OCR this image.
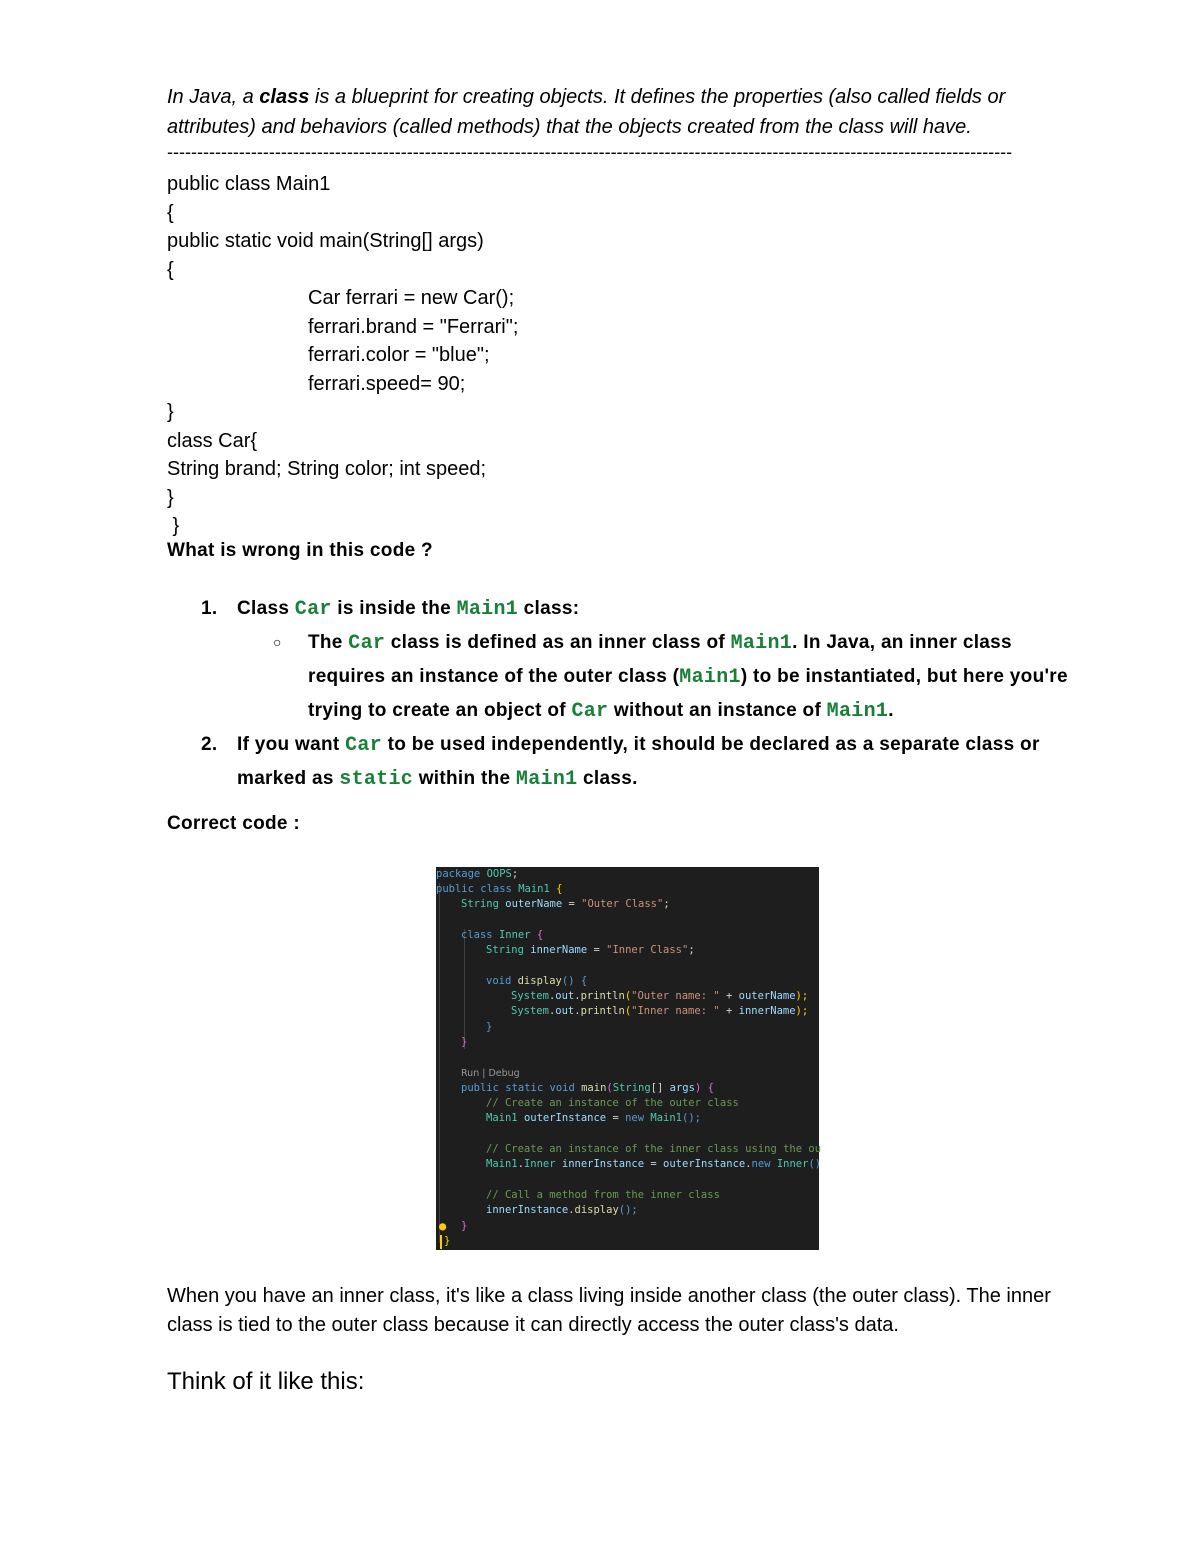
In Java, a class is a blueprint for creating objects. It defines the properties (also called fields or attributes) and behaviors (called methods) that the objects created from the class will have.
---------------------------------------------------------------------------------------------------------------------------------------------
public class Main1
{
public static void main(String[] args)
{
Car ferrari = new Car();
ferrari.brand = "Ferrari";
ferrari.color = "blue";
ferrari.speed= 90;
}
class Car{
String brand; String color; int speed;
}
}
What is wrong in this code ?
1. Class Car is inside the Main1 class:
○ The Car class is defined as an inner class of Main1. In Java, an inner class requires an instance of the outer class (Main1) to be instantiated, but here you're trying to create an object of Car without an instance of Main1.
2. If you want Car to be used independently, it should be declared as a separate class or marked as static within the Main1 class.
Correct code :
When you have an inner class, it's like a class living inside another class (the outer class). The inner class is tied to the outer class because it can directly access the outer class's data.
Think of it like this:
package OOPS;
public class Main1 {
String outerName = "Outer Class";
class Inner {
String innerName = "Inner Class";
void display() {
System.out.println("Outer name: " + outerName);
System.out.println("Inner name: " + innerName);
}
}
Run | Debug
public static void main(String[] args) {
// Create an instance of the outer class
Main1 outerInstance = new Main1();
// Create an instance of the inner class using the ou
Main1.Inner innerInstance = outerInstance.new Inner()
// Call a method from the inner class
innerInstance.display();
}
●
}
